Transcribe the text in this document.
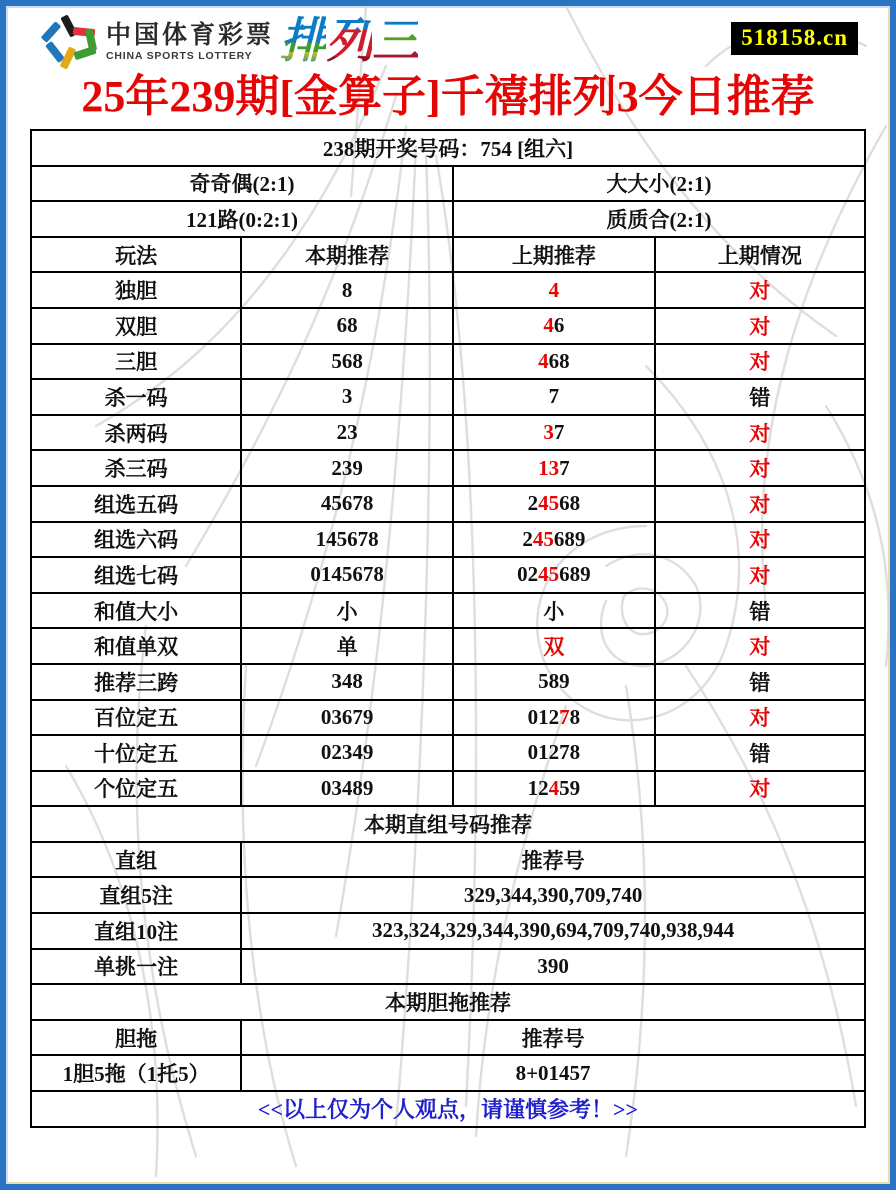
中国体育彩票
CHINA SPORTS LOTTERY 排列三	518158.cn
25年239期[金算子]千禧排列3今日推荐
238期开奖号码：754 [组六]			
奇奇偶(2:1)		大大小(2:1)	
121路(0:2:1)		质质合(2:1)	
玩法	本期推荐	上期推荐	上期情况
独胆	8	4	对
双胆	68	46	对
三胆	568	468	对
杀一码	3	7	错
杀两码	23	37	对
杀三码	239	137	对
组选五码	45678	24568	对
组选六码	145678	245689	对
组选七码	0145678	0245689	对
和值大小	小	小	错
和值单双	单	双	对
推荐三跨	348	589	错
百位定五	03679	01278	对
十位定五	02349	01278	错
个位定五	03489	12459	对
本期直组号码推荐			
直组	推荐号		
直组5注	329,344,390,709,740		
直组10注	323,324,329,344,390,694,709,740,938,944		
单挑一注	390		
本期胆拖推荐			
胆拖	推荐号		
1胆5拖（1托5）	8+01457		
<<以上仅为个人观点，请谨慎参考！>>			
